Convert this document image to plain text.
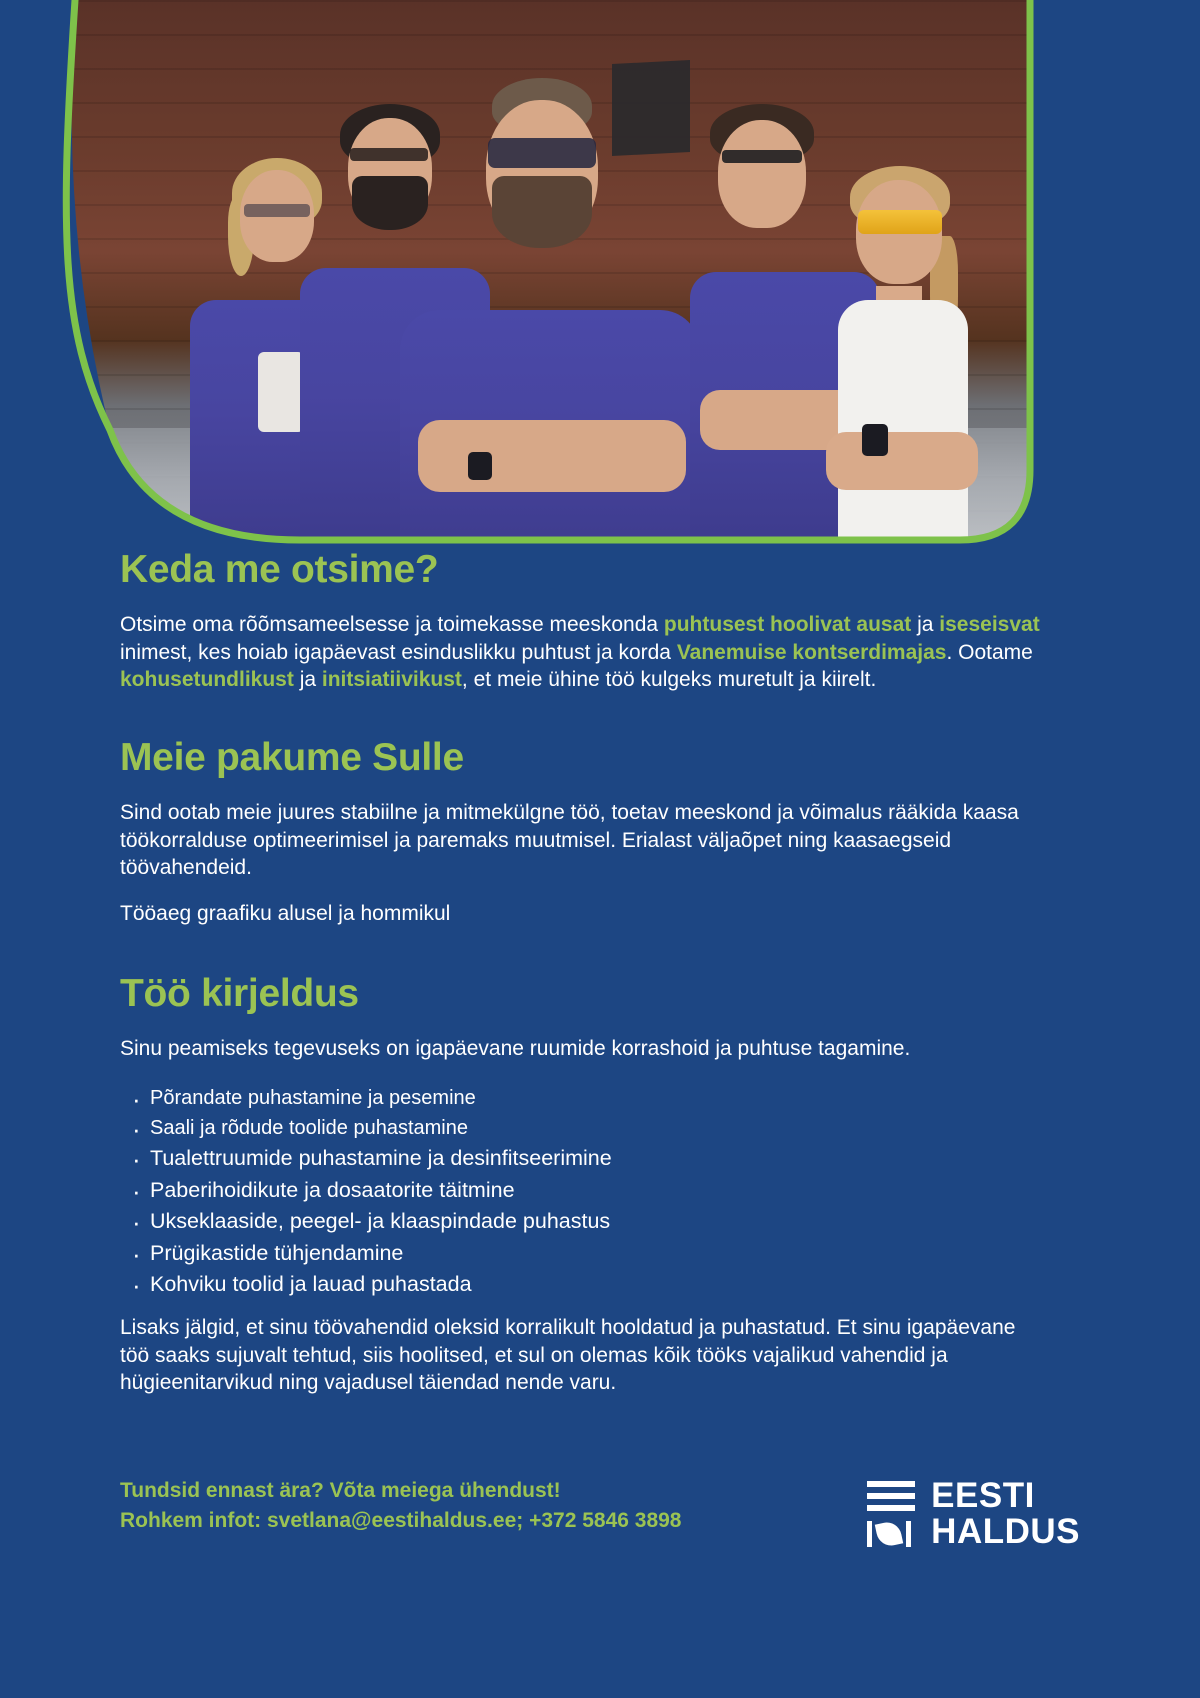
Keda me otsime?

Otsime oma rõõmsameelsesse ja toimekasse meeskonda puhtusest hoolivat ausat ja iseseisvat inimest, kes hoiab igapäevast esinduslikku puhtust ja korda Vanemuise kontserdimajas. Ootame kohusetundlikust ja initsiatiivikust, et meie ühine töö kulgeks muretult ja kiirelt.

Meie pakume Sulle

Sind ootab meie juures stabiilne ja mitmekülgne töö, toetav meeskond ja võimalus rääkida kaasa töökorralduse optimeerimisel ja paremaks muutmisel. Erialast väljaõpet ning kaasaegseid töövahendeid.

Tööaeg graafiku alusel ja hommikul

Töö kirjeldus

Sinu peamiseks tegevuseks on igapäevane ruumide korrashoid ja puhtuse tagamine.

· Põrandate puhastamine ja pesemine
· Saali ja rõdude toolide puhastamine
· Tualettruumide puhastamine ja desinfitseerimine
· Paberihoidikute ja dosaatorite täitmine
· Ukseklaaside, peegel- ja klaaspindade puhastus
· Prügikastide tühjendamine
· Kohviku toolid ja lauad puhastada

Lisaks jälgid, et sinu töövahendid oleksid korralikult hooldatud ja puhastatud. Et sinu igapäevane töö saaks sujuvalt tehtud, siis hoolitsed, et sul on olemas kõik tööks vajalikud vahendid ja hügieenitarvikud ning vajadusel täiendad nende varu.

Tundsid ennast ära? Võta meiega ühendust!
Rohkem infot: svetlana@eestihaldus.ee; +372 5846 3898
EESTI
HALDUS
